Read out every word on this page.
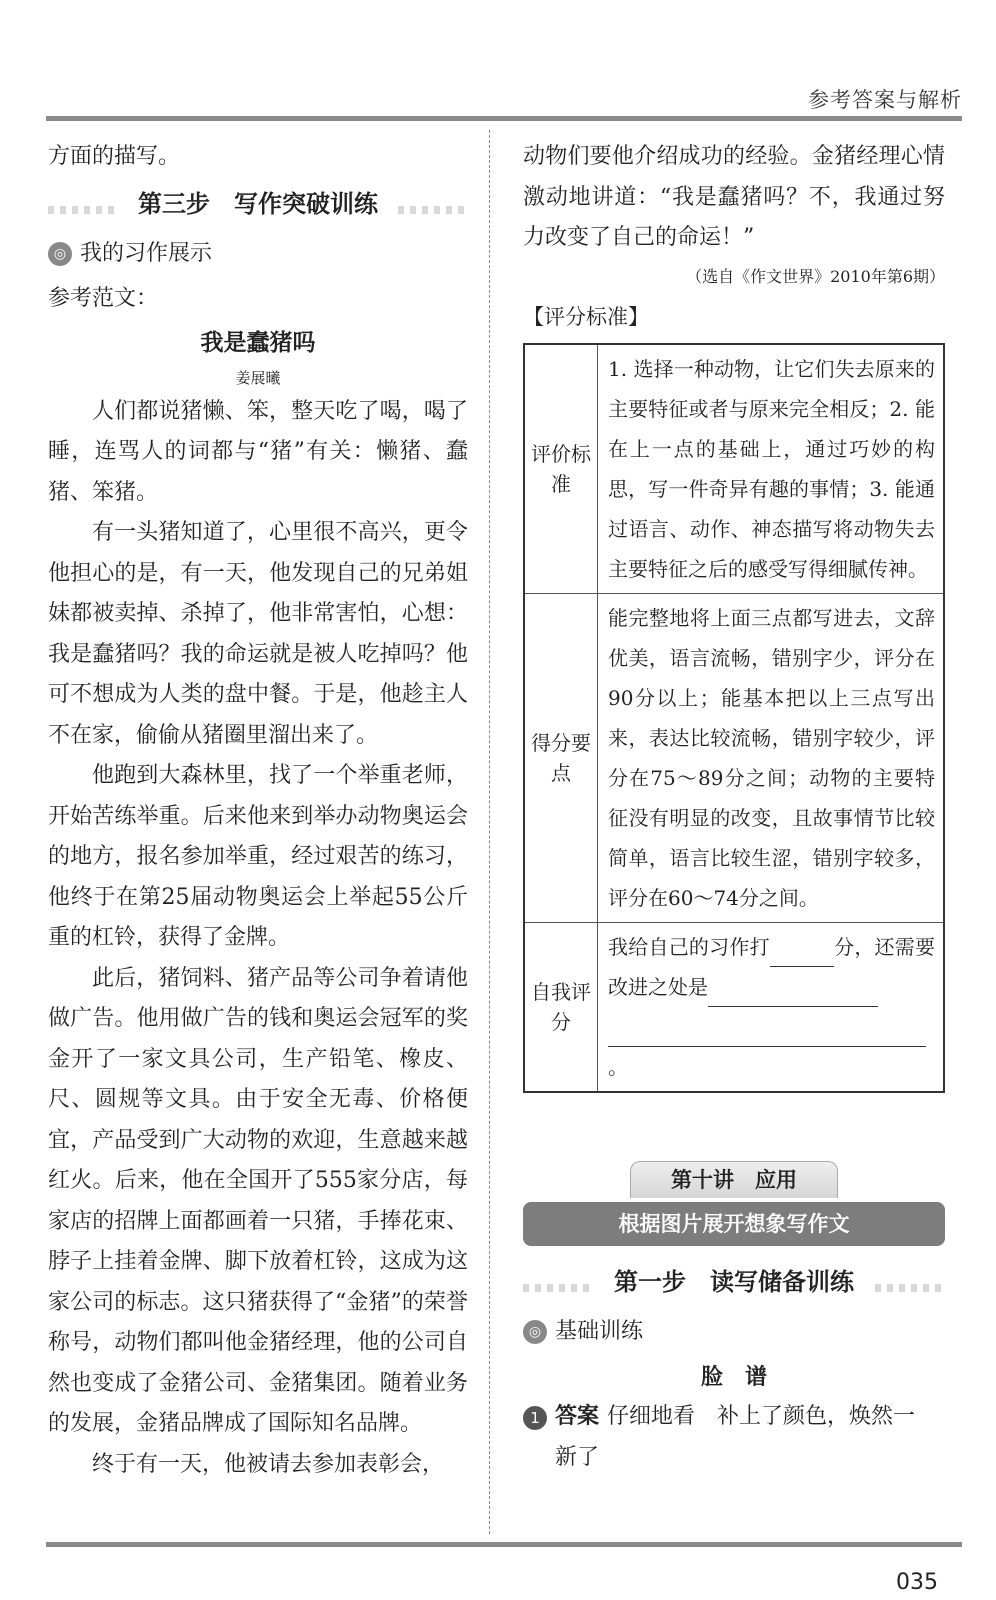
参考答案与解析

方面的描写。

第三步　写作突破训练
◎ 我的习作展示

参考范文：

我是蠢猪吗
姜展曦

人们都说猪懒、笨，整天吃了喝，喝了睡，连骂人的词都与“猪”有关：懒猪、蠢猪、笨猪。

有一头猪知道了，心里很不高兴，更令他担心的是，有一天，他发现自己的兄弟姐妹都被卖掉、杀掉了，他非常害怕，心想：我是蠢猪吗？我的命运就是被人吃掉吗？他可不想成为人类的盘中餐。于是，他趁主人不在家，偷偷从猪圈里溜出来了。

他跑到大森林里，找了一个举重老师，开始苦练举重。后来他来到举办动物奥运会的地方，报名参加举重，经过艰苦的练习，他终于在第25届动物奥运会上举起55公斤重的杠铃，获得了金牌。

此后，猪饲料、猪产品等公司争着请他做广告。他用做广告的钱和奥运会冠军的奖金开了一家文具公司，生产铅笔、橡皮、尺、圆规等文具。由于安全无毒、价格便宜，产品受到广大动物的欢迎，生意越来越红火。后来，他在全国开了555家分店，每家店的招牌上面都画着一只猪，手捧花束、脖子上挂着金牌、脚下放着杠铃，这成为这家公司的标志。这只猪获得了“金猪”的荣誉称号，动物们都叫他金猪经理，他的公司自然也变成了金猪公司、金猪集团。随着业务的发展，金猪品牌成了国际知名品牌。

终于有一天，他被请去参加表彰会，

动物们要他介绍成功的经验。金猪经理心情激动地讲道：“我是蠢猪吗？不，我通过努力改变了自己的命运！”

（选自《作文世界》2010年第6期）
【评分标准】
评价标准	1. 选择一种动物，让它们失去原来的主要特征或者与原来完全相反；2. 能在上一点的基础上，通过巧妙的构思，写一件奇异有趣的事情；3. 能通过语言、动作、神态描写将动物失去主要特征之后的感受写得细腻传神。
得分要点	能完整地将上面三点都写进去，文辞优美，语言流畅，错别字少，评分在90分以上；能基本把以上三点写出来，表达比较流畅，错别字较少，评分在75～89分之间；动物的主要特征没有明显的改变，且故事情节比较简单，语言比较生涩，错别字较多，评分在60～74分之间。
自我评分	我给自己的习作打 分，还需要改进之处是
。
第十讲　应用
根据图片展开想象写作文
第一步　读写储备训练
◎ 基础训练
脸　谱
1 答案 仔细地看　补上了颜色，焕然一
新了
035
